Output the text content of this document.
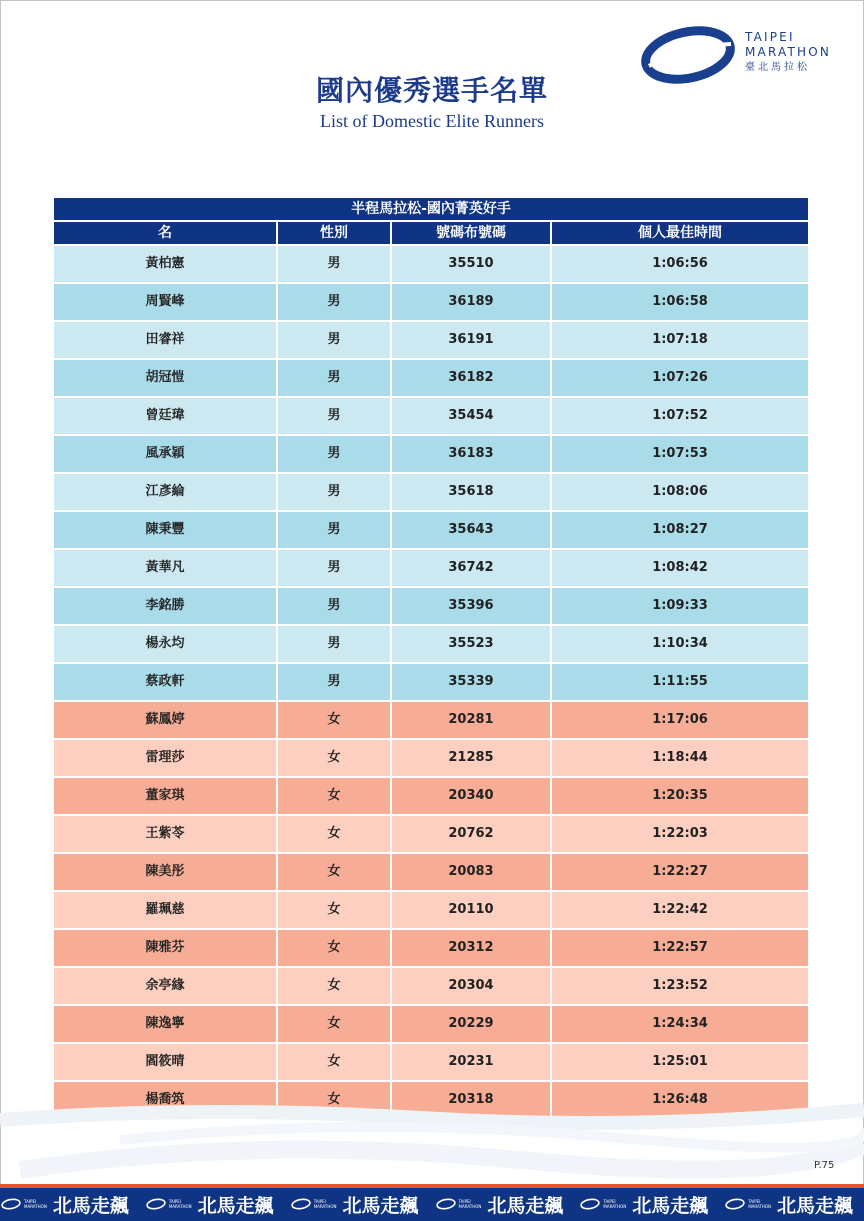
TAIPEI
MARATHON
臺北馬拉松
國內優秀選手名單
List of Domestic Elite Runners
半程馬拉松-國內菁英好手
名	性別	號碼布號碼	個人最佳時間
黃柏憲	男	35510	1:06:56
周賢峰	男	36189	1:06:58
田睿祥	男	36191	1:07:18
胡冠愷	男	36182	1:07:26
曾廷瑋	男	35454	1:07:52
風承穎	男	36183	1:07:53
江彥綸	男	35618	1:08:06
陳秉豐	男	35643	1:08:27
黃華凡	男	36742	1:08:42
李銘勝	男	35396	1:09:33
楊永均	男	35523	1:10:34
蔡政軒	男	35339	1:11:55
蘇鳳婷	女	20281	1:17:06
雷理莎	女	21285	1:18:44
董家琪	女	20340	1:20:35
王紫苓	女	20762	1:22:03
陳美彤	女	20083	1:22:27
羅珮慈	女	20110	1:22:42
陳雅芬	女	20312	1:22:57
余亭緣	女	20304	1:23:52
陳逸寧	女	20229	1:24:34
閻筱晴	女	20231	1:25:01
楊喬筑	女	20318	1:26:48
P.75
TAIPEI
MARATHON 北馬走飆	TAIPEI
MARATHON 北馬走飆	TAIPEI
MARATHON 北馬走飆	TAIPEI
MARATHON 北馬走飆	TAIPEI
MARATHON 北馬走飆	TAIPEI
MARATHON 北馬走飆
